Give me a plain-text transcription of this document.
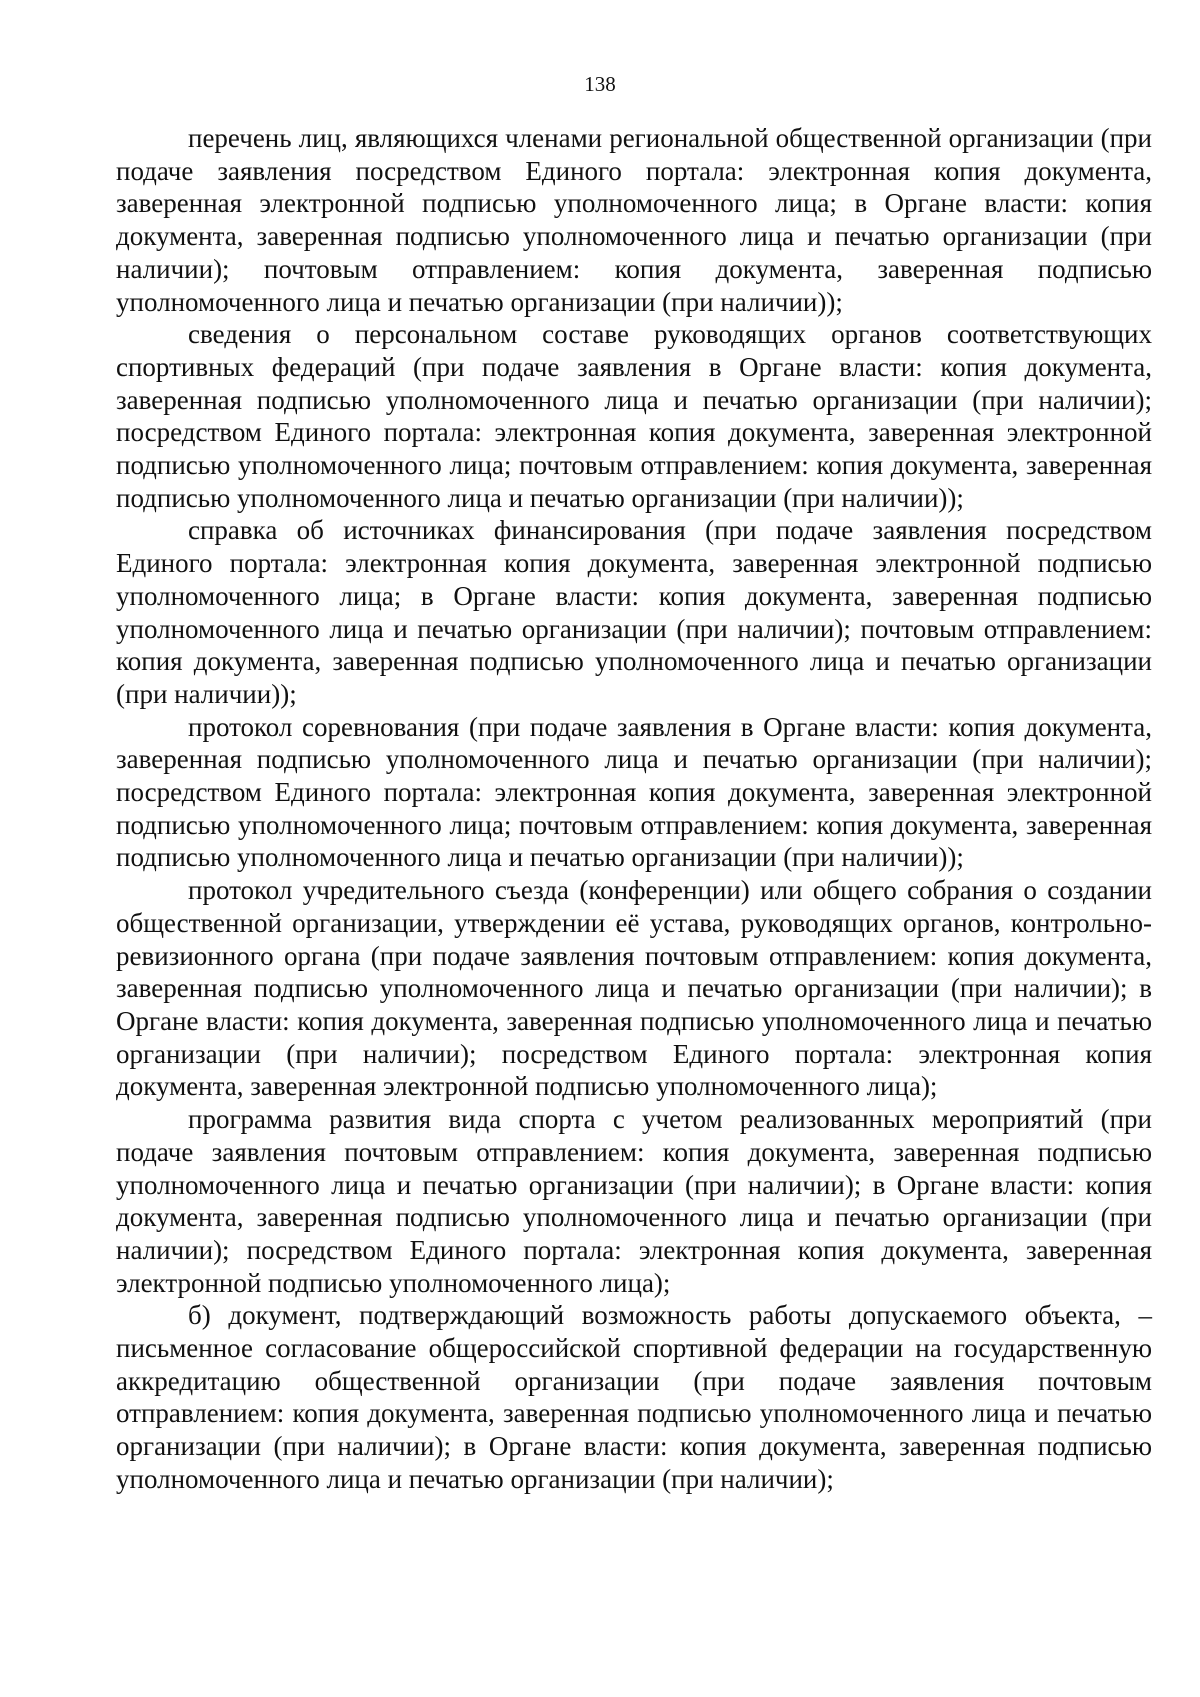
138

перечень лиц, являющихся членами региональной общественной организации (при подаче заявления посредством Единого портала: электронная копия документа, заверенная электронной подписью уполномоченного лица; в Органе власти: копия документа, заверенная подписью уполномоченного лица и печатью организации (при наличии); почтовым отправлением: копия документа, заверенная подписью уполномоченного лица и печатью организации (при наличии));

сведения о персональном составе руководящих органов соответствующих спортивных федераций (при подаче заявления в Органе власти: копия документа, заверенная подписью уполномоченного лица и печатью организации (при наличии); посредством Единого портала: электронная копия документа, заверенная электронной подписью уполномоченного лица; почтовым отправлением: копия документа, заверенная подписью уполномоченного лица и печатью организации (при наличии));

справка об источниках финансирования (при подаче заявления посредством Единого портала: электронная копия документа, заверенная электронной подписью уполномоченного лица; в Органе власти: копия документа, заверенная подписью уполномоченного лица и печатью организации (при наличии); почтовым отправлением: копия документа, заверенная подписью уполномоченного лица и печатью организации (при наличии));

протокол соревнования (при подаче заявления в Органе власти: копия документа, заверенная подписью уполномоченного лица и печатью организации (при наличии); посредством Единого портала: электронная копия документа, заверенная электронной подписью уполномоченного лица; почтовым отправлением: копия документа, заверенная подписью уполномоченного лица и печатью организации (при наличии));

протокол учредительного съезда (конференции) или общего собрания о создании общественной организации, утверждении её устава, руководящих органов, контрольно-ревизионного органа (при подаче заявления почтовым отправлением: копия документа, заверенная подписью уполномоченного лица и печатью организации (при наличии); в Органе власти: копия документа, заверенная подписью уполномоченного лица и печатью организации (при наличии); посредством Единого портала: электронная копия документа, заверенная электронной подписью уполномоченного лица);

программа развития вида спорта с учетом реализованных мероприятий (при подаче заявления почтовым отправлением: копия документа, заверенная подписью уполномоченного лица и печатью организации (при наличии); в Органе власти: копия документа, заверенная подписью уполномоченного лица и печатью организации (при наличии); посредством Единого портала: электронная копия документа, заверенная электронной подписью уполномоченного лица);

б) документ, подтверждающий возможность работы допускаемого объекта, – письменное согласование общероссийской спортивной федерации на государственную аккредитацию общественной организации (при подаче заявления почтовым отправлением: копия документа, заверенная подписью уполномоченного лица и печатью организации (при наличии); в Органе власти: копия документа, заверенная подписью уполномоченного лица и печатью организации (при наличии);
